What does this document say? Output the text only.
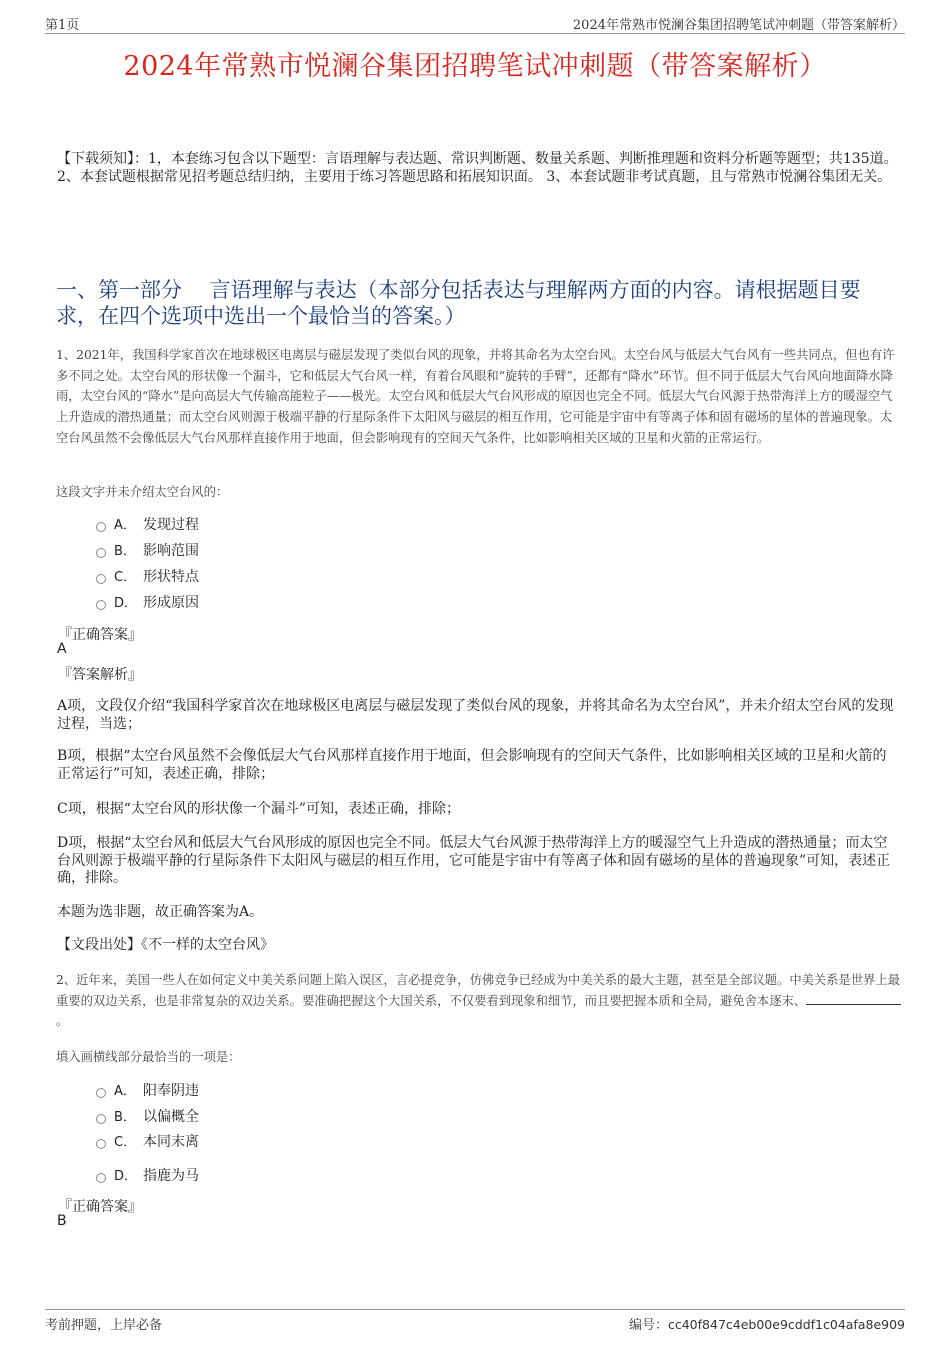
第1页	2024年常熟市悦澜谷集团招聘笔试冲刺题（带答案解析）
2024年常熟市悦澜谷集团招聘笔试冲刺题（带答案解析）
【下载须知】：1，本套练习包含以下题型：言语理解与表达题、常识判断题、数量关系题、判断推理题和资料分析题等题型；共135道。 2、本套试题根据常见招考题总结归纳，主要用于练习答题思路和拓展知识面。 3、本套试题非考试真题，且与常熟市悦澜谷集团无关。
一、第一部分　 言语理解与表达（本部分包括表达与理解两方面的内容。请根据题目要求，在四个选项中选出一个最恰当的答案。）
1、2021年，我国科学家首次在地球极区电离层与磁层发现了类似台风的现象，并将其命名为太空台风。太空台风与低层大气台风有一些共同点，但也有许多不同之处。太空台风的形状像一个漏斗，它和低层大气台风一样，有着台风眼和“旋转的手臂”，还都有“降水”环节。但不同于低层大气台风向地面降水降雨，太空台风的“降水”是向高层大气传输高能粒子——极光。太空台风和低层大气台风形成的原因也完全不同。低层大气台风源于热带海洋上方的暖湿空气上升造成的潜热通量；而太空台风则源于极端平静的行星际条件下太阳风与磁层的相互作用，它可能是宇宙中有等离子体和固有磁场的星体的普遍现象。太空台风虽然不会像低层大气台风那样直接作用于地面，但会影响现有的空间天气条件，比如影响相关区域的卫星和火箭的正常运行。
这段文字并未介绍太空台风的：
A． 发现过程
B． 影响范围
C． 形状特点
D． 形成原因
『正确答案』
A
『答案解析』
A项，文段仅介绍“我国科学家首次在地球极区电离层与磁层发现了类似台风的现象，并将其命名为太空台风”，并未介绍太空台风的发现过程，当选；
B项，根据“太空台风虽然不会像低层大气台风那样直接作用于地面，但会影响现有的空间天气条件，比如影响相关区域的卫星和火箭的正常运行”可知，表述正确，排除；
C项，根据“太空台风的形状像一个漏斗”可知，表述正确，排除；
D项，根据“太空台风和低层大气台风形成的原因也完全不同。低层大气台风源于热带海洋上方的暖湿空气上升造成的潜热通量；而太空台风则源于极端平静的行星际条件下太阳风与磁层的相互作用，它可能是宇宙中有等离子体和固有磁场的星体的普遍现象”可知，表述正确，排除。
本题为选非题，故正确答案为A。
【文段出处】《不一样的太空台风》
2、近年来，美国一些人在如何定义中美关系问题上陷入误区，言必提竞争，仿佛竞争已经成为中美关系的最大主题，甚至是全部议题。中美关系是世界上最重要的双边关系，也是非常复杂的双边关系。要准确把握这个大国关系，不仅要看到现象和细节，而且要把握本质和全局，避免舍本逐末、。
填入画横线部分最恰当的一项是：
A． 阳奉阴违
B． 以偏概全
C． 本同末离
D． 指鹿为马
『正确答案』
B
考前押题，上岸必备	编号：cc40f847c4eb00e9cddf1c04afa8e909
